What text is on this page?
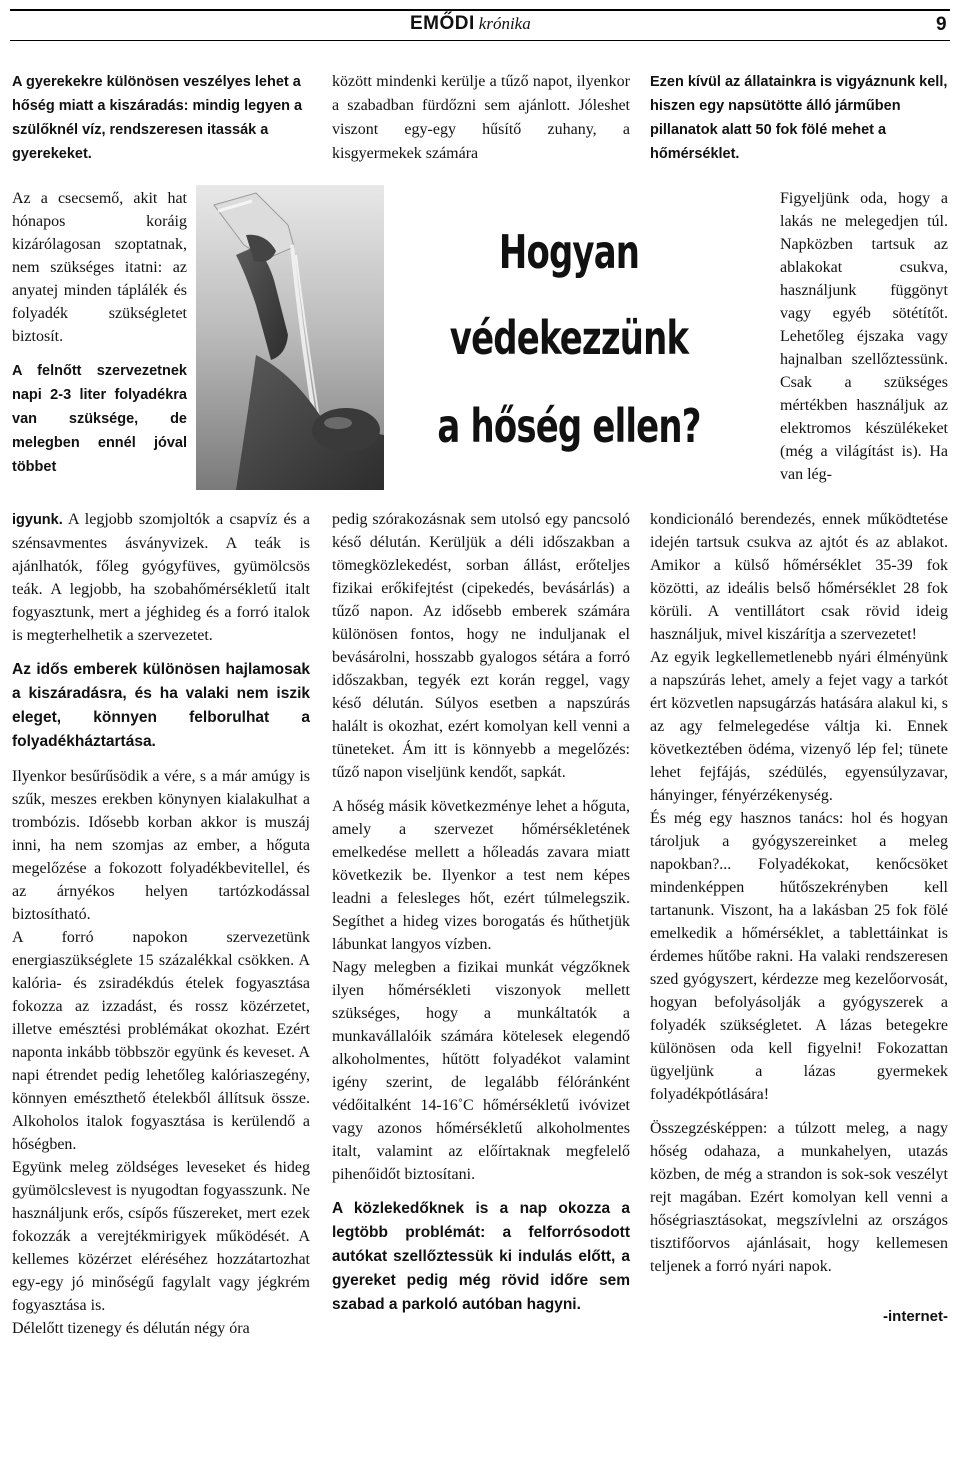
EMŐDI krónika	9
A gyerekekre különösen veszélyes lehet a hőség miatt a kiszáradás: mindig legyen a szülőknél víz, rendszeresen itassák a gyerekeket.
között mindenki kerülje a tűző napot, ilyenkor a szabadban fürdőzni sem ajánlott. Jóleshet viszont egy-egy hűsítő zuhany, a kisgyermekek számára
Ezen kívül az állatainkra is vigyáznunk kell, hiszen egy napsütötte álló járműben pillanatok alatt 50 fok fölé mehet a hőmérséklet.
Hogyan
védekezzünk
a hőség ellen?

Az a csecsemő, akit hat hónapos koráig kizárólagosan szoptatnak, nem szükséges itatni: az anyatej minden táplálék és folyadék szükségletet biztosít.

A felnőtt szervezetnek napi 2-3 liter folyadékra van szüksége, de melegben ennél jóval többet

igyunk. A legjobb szomjoltók a csapvíz és a szénsavmentes ásványvizek. A teák is ajánlhatók, főleg gyógyfüves, gyümölcsös teák. A legjobb, ha szobahőmérsékletű italt fogyasztunk, mert a jéghideg és a forró italok is megterhelhetik a szervezetet.

Az idős emberek különösen hajlamosak a kiszáradásra, és ha valaki nem iszik eleget, könnyen felborulhat a folyadékháztartása.

Ilyenkor besűrűsödik a vére, s a már amúgy is szűk, meszes erekben könynyen kialakulhat a trombózis. Idősebb korban akkor is muszáj inni, ha nem szomjas az ember, a hőguta megelőzése a fokozott folyadékbevitellel, és az árnyékos helyen tartózkodással biztosítható.

A forró napokon szervezetünk energiaszükséglete 15 százalékkal csökken. A kalória- és zsiradékdús ételek fogyasztása fokozza az izzadást, és rossz közérzetet, illetve emésztési problémákat okozhat. Ezért naponta inkább többször együnk és keveset. A napi étrendet pedig lehetőleg kalóriaszegény, könnyen emészthető ételekből állítsuk össze. Alkoholos italok fogyasztása is kerülendő a hőségben.

Együnk meleg zöldséges leveseket és hideg gyümölcslevest is nyugodtan fogyasszunk. Ne használjunk erős, csípős fűszereket, mert ezek fokozzák a verejtékmirigyek működését. A kellemes közérzet eléréséhez hozzátartozhat egy-egy jó minőségű fagylalt vagy jégkrém fogyasztása is.

Délelőtt tizenegy és délután négy óra

pedig szórakozásnak sem utolsó egy pancsoló késő délután. Kerüljük a déli időszakban a tömegközlekedést, sorban állást, erőteljes fizikai erőkifejtést (cipekedés, bevásárlás) a tűző napon. Az idősebb emberek számára különösen fontos, hogy ne induljanak el bevásárolni, hosszabb gyalogos sétára a forró időszakban, tegyék ezt korán reggel, vagy késő délután. Súlyos esetben a napszúrás halált is okozhat, ezért komolyan kell venni a tüneteket. Ám itt is könnyebb a megelőzés: tűző napon viseljünk kendőt, sapkát.

A hőség másik következménye lehet a hőguta, amely a szervezet hőmérsékletének emelkedése mellett a hőleadás zavara miatt következik be. Ilyenkor a test nem képes leadni a felesleges hőt, ezért túlmelegszik. Segíthet a hideg vizes borogatás és hűthetjük lábunkat langyos vízben.

Nagy melegben a fizikai munkát végzőknek ilyen hőmérsékleti viszonyok mellett szükséges, hogy a munkáltatók a munkavállalóik számára kötelesek elegendő alkoholmentes, hűtött folyadékot valamint igény szerint, de legalább félóránként védőitalként 14-16˚C hőmérsékletű ivóvizet vagy azonos hőmérsékletű alkoholmentes italt, valamint az előírtaknak megfelelő pihenőidőt biztosítani.

A közlekedőknek is a nap okozza a legtöbb problémát: a felforrósodott autókat szellőztessük ki indulás előtt, a gyereket pedig még rövid időre sem szabad a parkoló autóban hagyni.

Figyeljünk oda, hogy a lakás ne melegedjen túl. Napközben tartsuk az ablakokat csukva, használjunk függönyt vagy egyéb sötétítőt. Lehetőleg éjszaka vagy hajnalban szellőztessünk. Csak a szükséges mértékben használjuk az elektromos készülékeket (még a világítást is). Ha van lég-

kondicionáló berendezés, ennek működtetése idején tartsuk csukva az ajtót és az ablakot. Amikor a külső hőmérséklet 35-39 fok közötti, az ideális belső hőmérséklet 28 fok körüli. A ventillátort csak rövid ideig használjuk, mivel kiszárítja a szervezetet!

Az egyik legkellemetlenebb nyári élményünk a napszúrás lehet, amely a fejet vagy a tarkót ért közvetlen napsugárzás hatására alakul ki, s az agy felmelegedése váltja ki. Ennek következtében ödéma, vizenyő lép fel; tünete lehet fejfájás, szédülés, egyensúlyzavar, hányinger, fényérzékenység.

És még egy hasznos tanács: hol és hogyan tároljuk a gyógyszereinket a meleg napokban?... Folyadékokat, kenőcsöket mindenképpen hűtőszekrényben kell tartanunk. Viszont, ha a lakásban 25 fok fölé emelkedik a hőmérséklet, a tablettáinkat is érdemes hűtőbe rakni. Ha valaki rendszeresen szed gyógyszert, kérdezze meg kezelőorvosát, hogyan befolyásolják a gyógyszerek a folyadék szükségletet. A lázas betegekre különösen oda kell figyelni! Fokozattan ügyeljünk a lázas gyermekek folyadékpótlására!

Összegzésképpen: a túlzott meleg, a nagy hőség odahaza, a munkahelyen, utazás közben, de még a strandon is sok-sok veszélyt rejt magában. Ezért komolyan kell venni a hőségriasztásokat, megszívlelni az országos tisztifőorvos ajánlásait, hogy kellemesen teljenek a forró nyári napok.

-internet-
